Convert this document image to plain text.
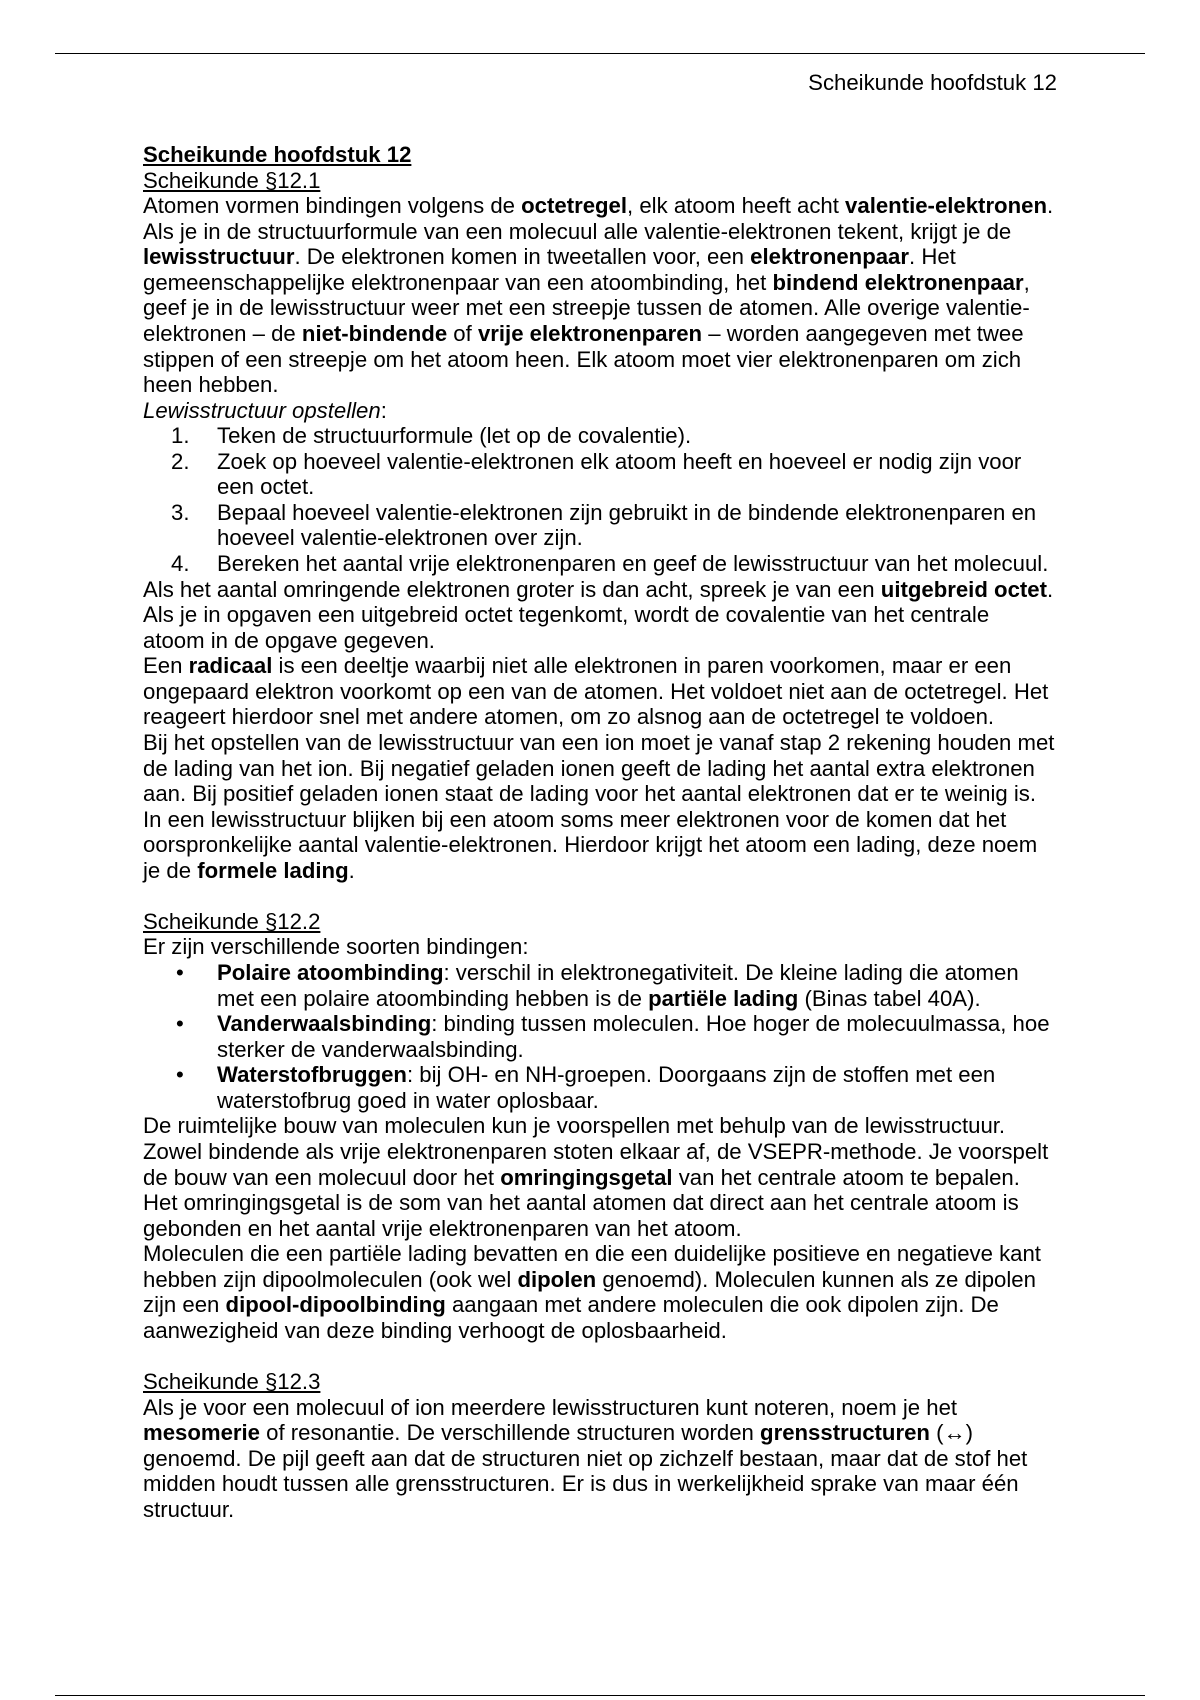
Scheikunde hoofdstuk 12
Scheikunde hoofdstuk 12
Scheikunde §12.1
Atomen vormen bindingen volgens de octetregel, elk atoom heeft acht valentie-elektronen.
Als je in de structuurformule van een molecuul alle valentie-elektronen tekent, krijgt je de
lewisstructuur. De elektronen komen in tweetallen voor, een elektronenpaar. Het
gemeenschappelijke elektronenpaar van een atoombinding, het bindend elektronenpaar,
geef je in de lewisstructuur weer met een streepje tussen de atomen. Alle overige valentie-
elektronen – de niet-bindende of vrije elektronenparen – worden aangegeven met twee
stippen of een streepje om het atoom heen. Elk atoom moet vier elektronenparen om zich
heen hebben.
Lewisstructuur opstellen:
1. Teken de structuurformule (let op de covalentie).
2. Zoek op hoeveel valentie-elektronen elk atoom heeft en hoeveel er nodig zijn voor
een octet.
3. Bepaal hoeveel valentie-elektronen zijn gebruikt in de bindende elektronenparen en
hoeveel valentie-elektronen over zijn.
4. Bereken het aantal vrije elektronenparen en geef de lewisstructuur van het molecuul.
Als het aantal omringende elektronen groter is dan acht, spreek je van een uitgebreid octet.
Als je in opgaven een uitgebreid octet tegenkomt, wordt de covalentie van het centrale
atoom in de opgave gegeven.
Een radicaal is een deeltje waarbij niet alle elektronen in paren voorkomen, maar er een
ongepaard elektron voorkomt op een van de atomen. Het voldoet niet aan de octetregel. Het
reageert hierdoor snel met andere atomen, om zo alsnog aan de octetregel te voldoen.
Bij het opstellen van de lewisstructuur van een ion moet je vanaf stap 2 rekening houden met
de lading van het ion. Bij negatief geladen ionen geeft de lading het aantal extra elektronen
aan. Bij positief geladen ionen staat de lading voor het aantal elektronen dat er te weinig is.
In een lewisstructuur blijken bij een atoom soms meer elektronen voor de komen dat het
oorspronkelijke aantal valentie-elektronen. Hierdoor krijgt het atoom een lading, deze noem
je de formele lading.
Scheikunde §12.2
Er zijn verschillende soorten bindingen:
• Polaire atoombinding: verschil in elektronegativiteit. De kleine lading die atomen
met een polaire atoombinding hebben is de partiële lading (Binas tabel 40A).
• Vanderwaalsbinding: binding tussen moleculen. Hoe hoger de molecuulmassa, hoe
sterker de vanderwaalsbinding.
• Waterstofbruggen: bij OH- en NH-groepen. Doorgaans zijn de stoffen met een
waterstofbrug goed in water oplosbaar.
De ruimtelijke bouw van moleculen kun je voorspellen met behulp van de lewisstructuur.
Zowel bindende als vrije elektronenparen stoten elkaar af, de VSEPR-methode. Je voorspelt
de bouw van een molecuul door het omringingsgetal van het centrale atoom te bepalen.
Het omringingsgetal is de som van het aantal atomen dat direct aan het centrale atoom is
gebonden en het aantal vrije elektronenparen van het atoom.
Moleculen die een partiële lading bevatten en die een duidelijke positieve en negatieve kant
hebben zijn dipoolmoleculen (ook wel dipolen genoemd). Moleculen kunnen als ze dipolen
zijn een dipool-dipoolbinding aangaan met andere moleculen die ook dipolen zijn. De
aanwezigheid van deze binding verhoogt de oplosbaarheid.
Scheikunde §12.3
Als je voor een molecuul of ion meerdere lewisstructuren kunt noteren, noem je het
mesomerie of resonantie. De verschillende structuren worden grensstructuren (↔)
genoemd. De pijl geeft aan dat de structuren niet op zichzelf bestaan, maar dat de stof het
midden houdt tussen alle grensstructuren. Er is dus in werkelijkheid sprake van maar één
structuur.
